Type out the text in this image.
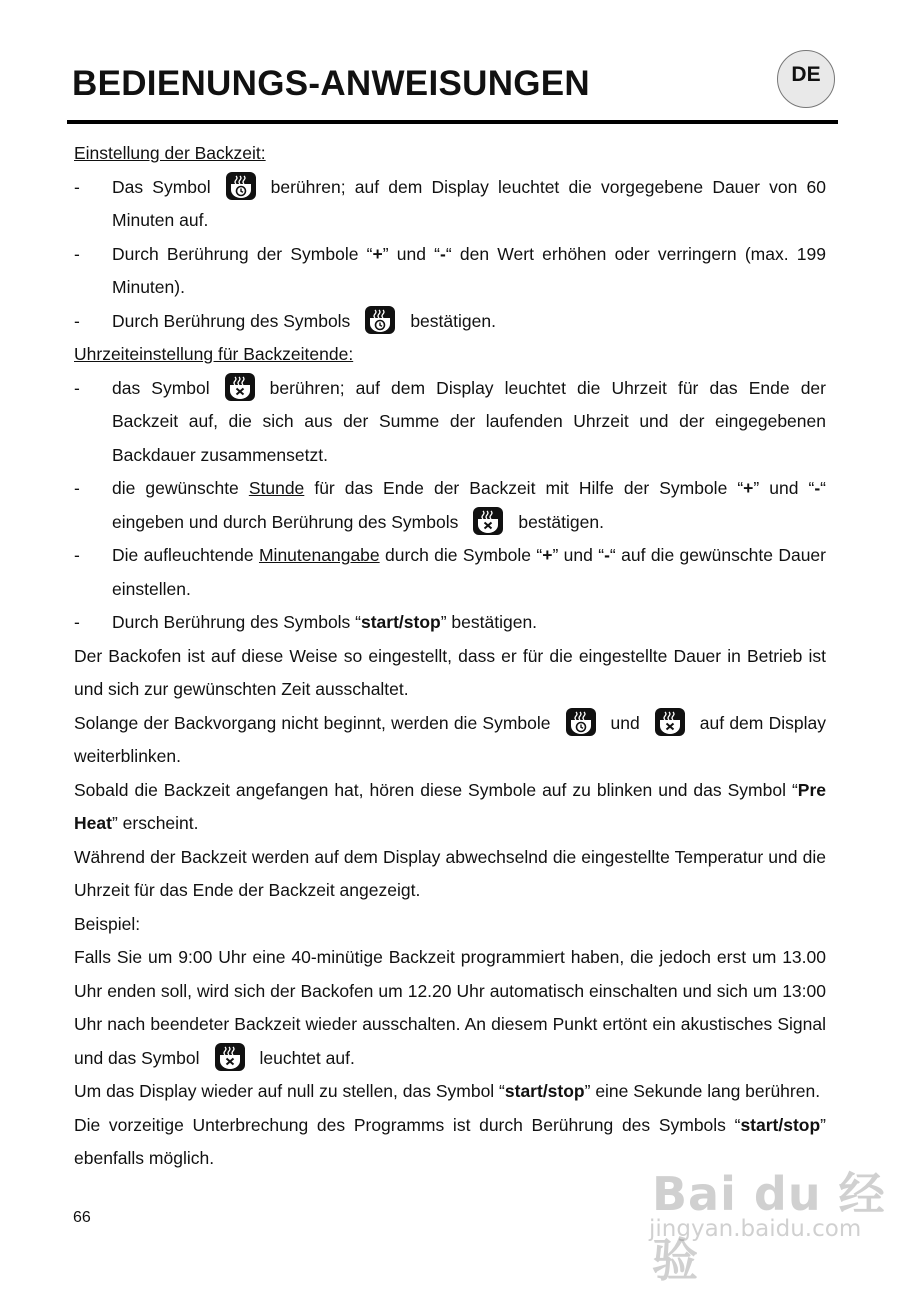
BEDIENUNGS-ANWEISUNGEN	DE

Einstellung der Backzeit:

-	Das Symbol	berühren; auf dem Display leuchtet die vorgegebene Dauer von 60 Minuten auf.
-	Durch Berührung der Symbole “+” und “-“ den Wert erhöhen oder verringern (max. 199 Minuten).
-	Durch Berührung des Symbols	bestätigen.

Uhrzeiteinstellung für Backzeitende:

-	das Symbol	berühren; auf dem Display leuchtet die Uhrzeit für das Ende der Backzeit auf, die sich aus der Summe der laufenden Uhrzeit und der eingegebenen Backdauer zusammensetzt.
-	die gewünschte Stunde für das Ende der Backzeit mit Hilfe der Symbole “+” und “-“ eingeben und durch Berührung des Symbols	bestätigen.
-	Die aufleuchtende Minutenangabe durch die Symbole “+” und “-“ auf die gewünschte Dauer einstellen.
-	Durch Berührung des Symbols “start/stop” bestätigen.

Der Backofen ist auf diese Weise so eingestellt, dass er für die eingestellte Dauer in Betrieb ist und sich zur gewünschten Zeit ausschaltet.

Solange der Backvorgang nicht beginnt, werden die Symbole	und	auf dem Display weiterblinken.

Sobald die Backzeit angefangen hat, hören diese Symbole auf zu blinken und das Symbol “Pre Heat” erscheint.

Während der Backzeit werden auf dem Display abwechselnd die eingestellte Temperatur und die Uhrzeit für das Ende der Backzeit angezeigt.

Beispiel:

Falls Sie um 9:00 Uhr eine 40-minütige Backzeit programmiert haben, die jedoch erst um 13.00 Uhr enden soll, wird sich der Backofen um 12.20 Uhr automatisch einschalten und sich um 13:00 Uhr nach beendeter Backzeit wieder ausschalten. An diesem Punkt ertönt ein akustisches Signal und das Symbol	leuchtet auf.

Um das Display wieder auf null zu stellen, das Symbol “start/stop” eine Sekunde lang berühren.

Die vorzeitige Unterbrechung des Programms ist durch Berührung des Symbols “start/stop” ebenfalls möglich.

66	Bai du 经验
jingyan.baidu.com
